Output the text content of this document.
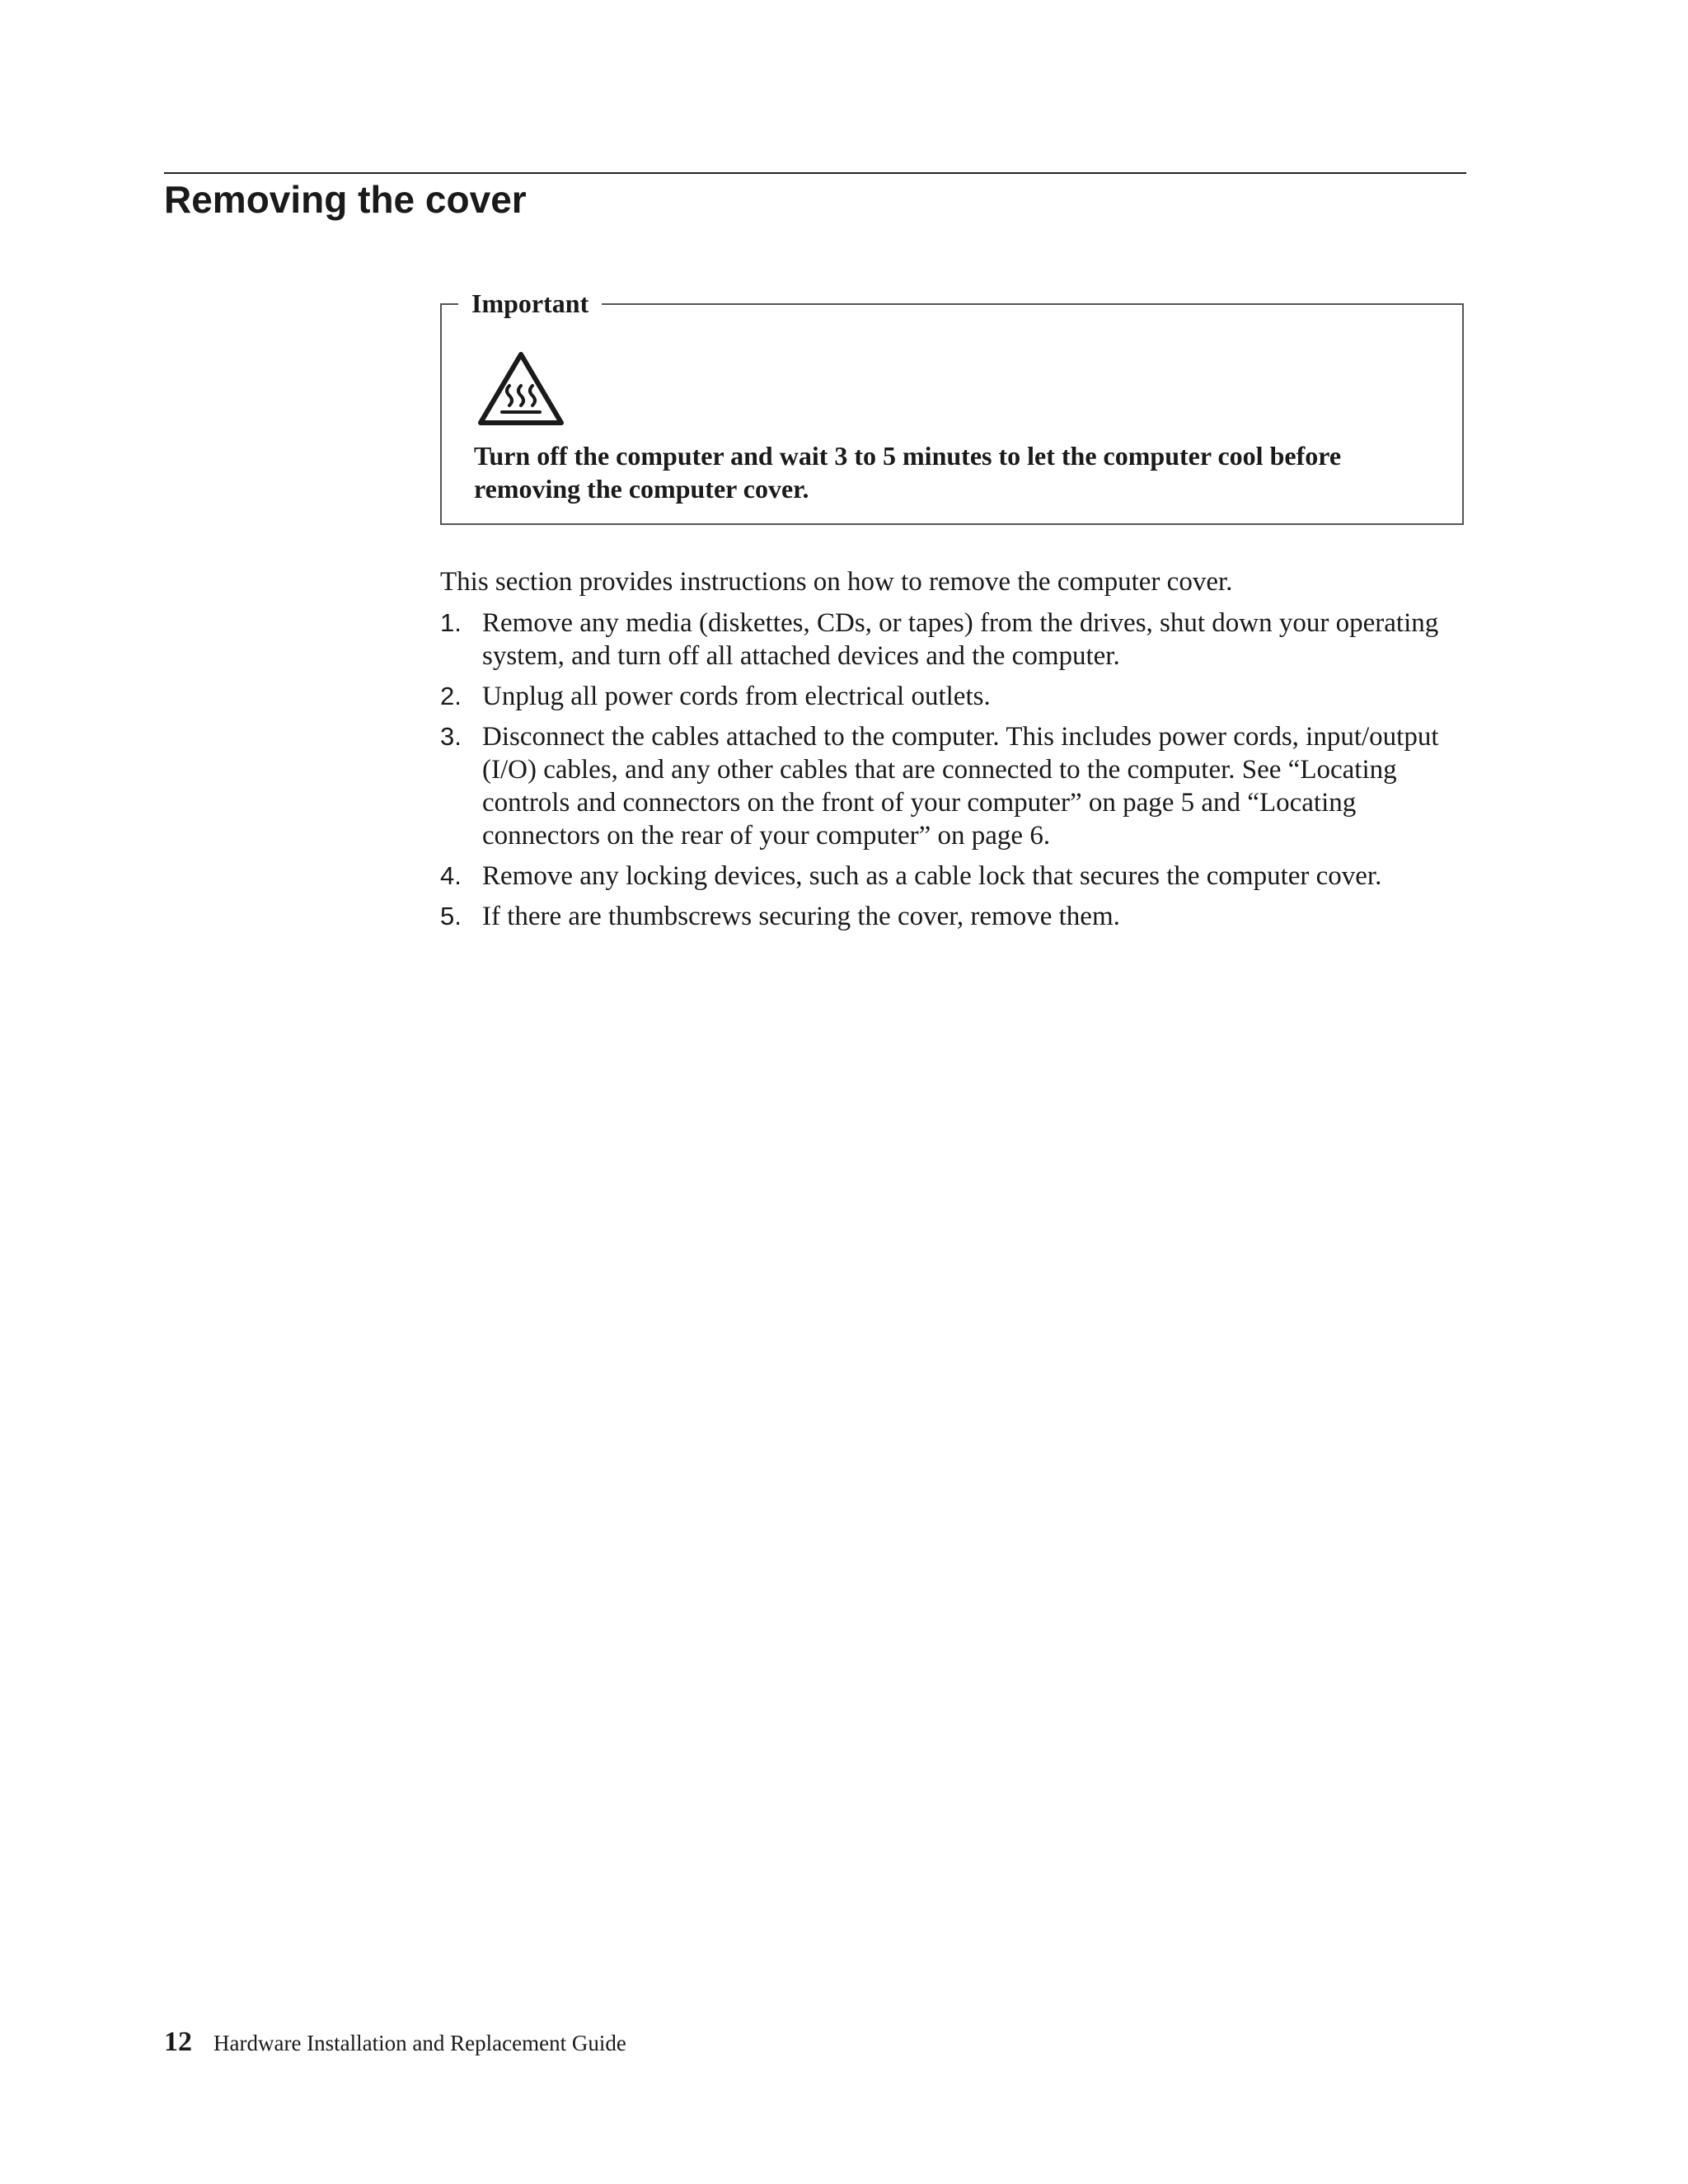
Removing the cover
Important

Turn off the computer and wait 3 to 5 minutes to let the computer cool before removing the computer cover.

This section provides instructions on how to remove the computer cover.

1. Remove any media (diskettes, CDs, or tapes) from the drives, shut down your operating system, and turn off all attached devices and the computer.
2. Unplug all power cords from electrical outlets.
3. Disconnect the cables attached to the computer. This includes power cords, input/output (I/O) cables, and any other cables that are connected to the computer. See “Locating controls and connectors on the front of your computer” on page 5 and “Locating connectors on the rear of your computer” on page 6.
4. Remove any locking devices, such as a cable lock that secures the computer cover.
5. If there are thumbscrews securing the cover, remove them.
12 Hardware Installation and Replacement Guide
